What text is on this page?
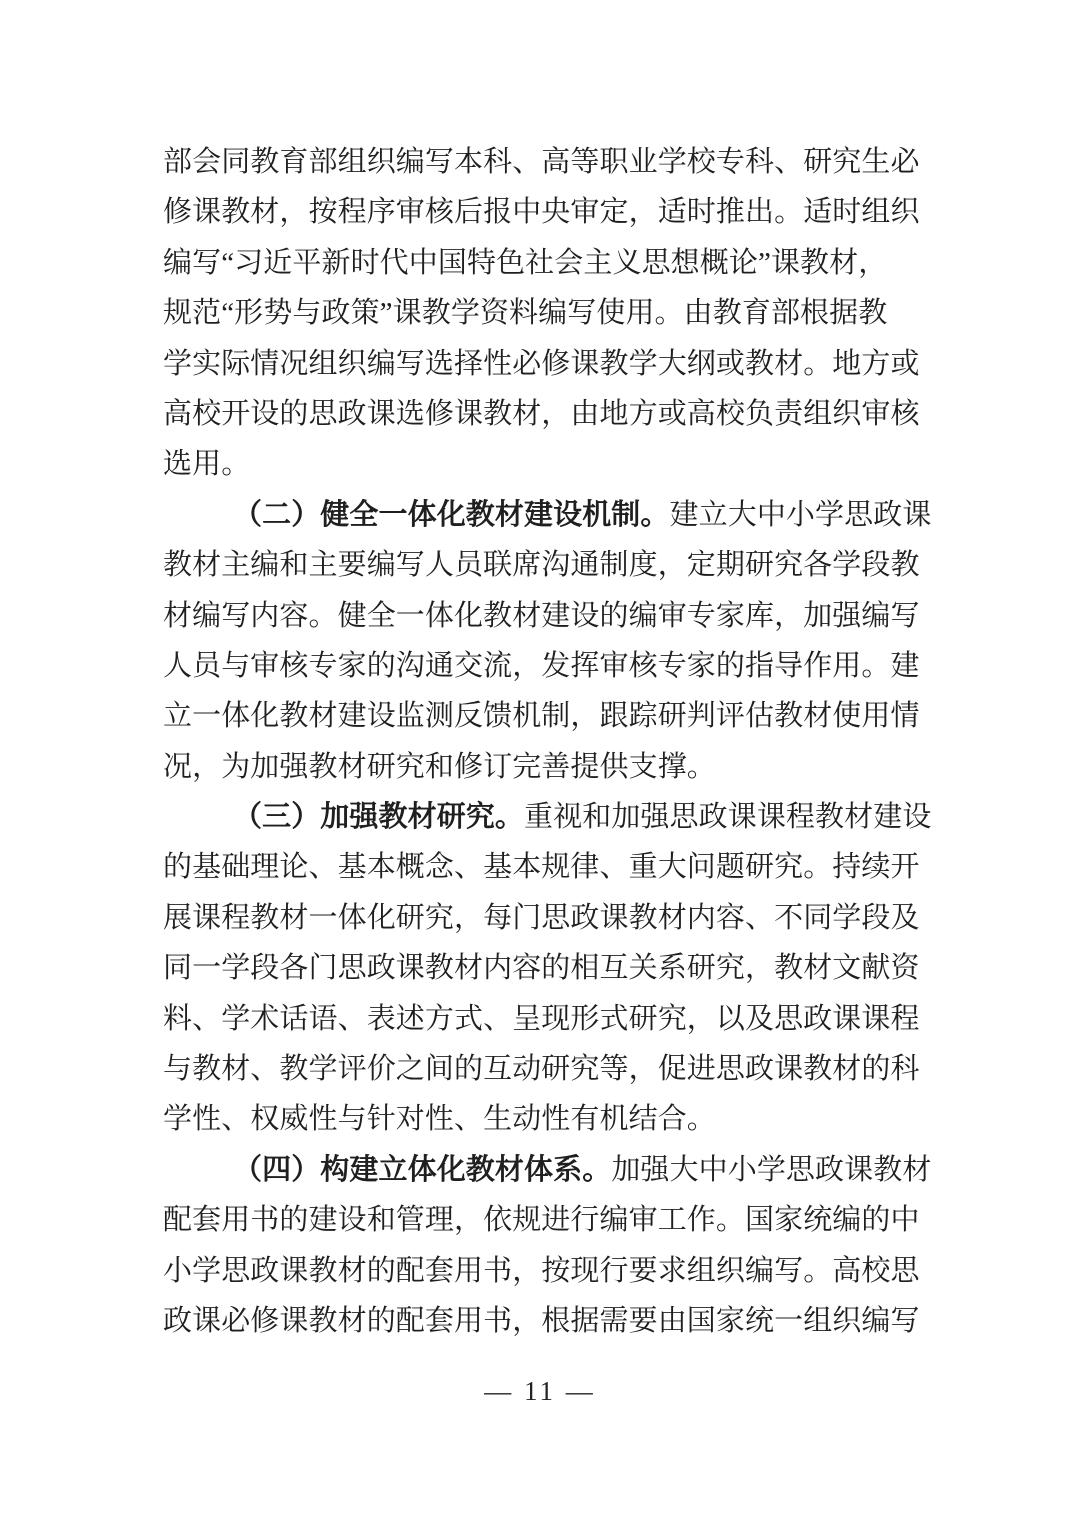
部会同教育部组织编写本科、高等职业学校专科、研究生必
修课教材，按程序审核后报中央审定，适时推出。适时组织
编写“习近平新时代中国特色社会主义思想概论”课教材，
规范“形势与政策”课教学资料编写使用。由教育部根据教
学实际情况组织编写选择性必修课教学大纲或教材。地方或
高校开设的思政课选修课教材，由地方或高校负责组织审核
选用。
（二）健全一体化教材建设机制。建立大中小学思政课
教材主编和主要编写人员联席沟通制度，定期研究各学段教
材编写内容。健全一体化教材建设的编审专家库，加强编写
人员与审核专家的沟通交流，发挥审核专家的指导作用。建
立一体化教材建设监测反馈机制，跟踪研判评估教材使用情
况，为加强教材研究和修订完善提供支撑。
（三）加强教材研究。重视和加强思政课课程教材建设
的基础理论、基本概念、基本规律、重大问题研究。持续开
展课程教材一体化研究，每门思政课教材内容、不同学段及
同一学段各门思政课教材内容的相互关系研究，教材文献资
料、学术话语、表述方式、呈现形式研究，以及思政课课程
与教材、教学评价之间的互动研究等，促进思政课教材的科
学性、权威性与针对性、生动性有机结合。
（四）构建立体化教材体系。加强大中小学思政课教材
配套用书的建设和管理，依规进行编审工作。国家统编的中
小学思政课教材的配套用书，按现行要求组织编写。高校思
政课必修课教材的配套用书，根据需要由国家统一组织编写
— 11 —
